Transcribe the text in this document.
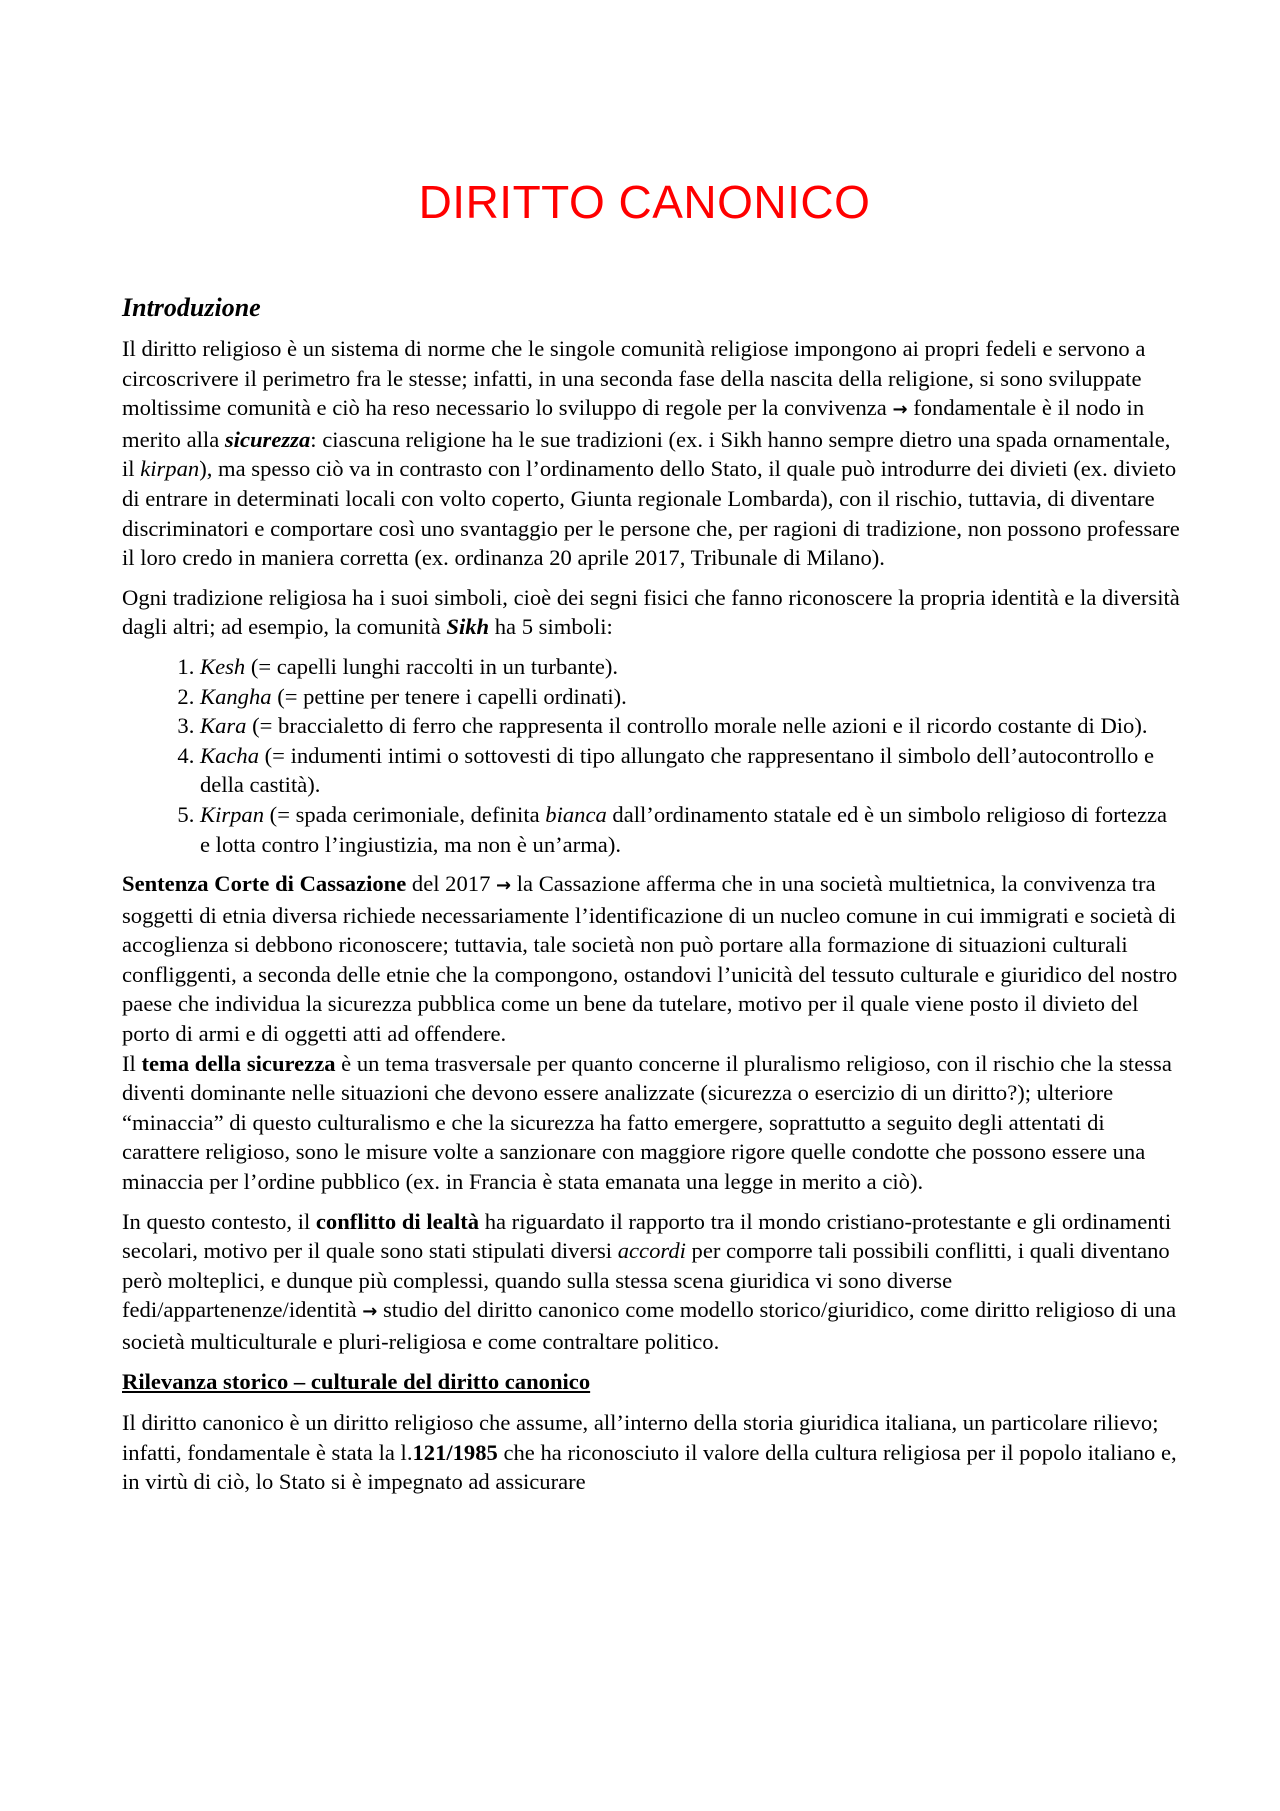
DIRITTO CANONICO
Introduzione

Il diritto religioso è un sistema di norme che le singole comunità religiose impongono ai propri fedeli e servono a circoscrivere il perimetro fra le stesse; infatti, in una seconda fase della nascita della religione, si sono sviluppate moltissime comunità e ciò ha reso necessario lo sviluppo di regole per la convivenza → fondamentale è il nodo in merito alla sicurezza: ciascuna religione ha le sue tradizioni (ex. i Sikh hanno sempre dietro una spada ornamentale, il kirpan), ma spesso ciò va in contrasto con l’ordinamento dello Stato, il quale può introdurre dei divieti (ex. divieto di entrare in determinati locali con volto coperto, Giunta regionale Lombarda), con il rischio, tuttavia, di diventare discriminatori e comportare così uno svantaggio per le persone che, per ragioni di tradizione, non possono professare il loro credo in maniera corretta (ex. ordinanza 20 aprile 2017, Tribunale di Milano).

Ogni tradizione religiosa ha i suoi simboli, cioè dei segni fisici che fanno riconoscere la propria identità e la diversità dagli altri; ad esempio, la comunità Sikh ha 5 simboli:

1. Kesh (= capelli lunghi raccolti in un turbante).
2. Kangha (= pettine per tenere i capelli ordinati).
3. Kara (= braccialetto di ferro che rappresenta il controllo morale nelle azioni e il ricordo costante di Dio).
4. Kacha (= indumenti intimi o sottovesti di tipo allungato che rappresentano il simbolo dell’autocontrollo e della castità).
5. Kirpan (= spada cerimoniale, definita bianca dall’ordinamento statale ed è un simbolo religioso di fortezza e lotta contro l’ingiustizia, ma non è un’arma).

Sentenza Corte di Cassazione del 2017 → la Cassazione afferma che in una società multietnica, la convivenza tra soggetti di etnia diversa richiede necessariamente l’identificazione di un nucleo comune in cui immigrati e società di accoglienza si debbono riconoscere; tuttavia, tale società non può portare alla formazione di situazioni culturali confliggenti, a seconda delle etnie che la compongono, ostandovi l’unicità del tessuto culturale e giuridico del nostro paese che individua la sicurezza pubblica come un bene da tutelare, motivo per il quale viene posto il divieto del porto di armi e di oggetti atti ad offendere.

Il tema della sicurezza è un tema trasversale per quanto concerne il pluralismo religioso, con il rischio che la stessa diventi dominante nelle situazioni che devono essere analizzate (sicurezza o esercizio di un diritto?); ulteriore “minaccia” di questo culturalismo e che la sicurezza ha fatto emergere, soprattutto a seguito degli attentati di carattere religioso, sono le misure volte a sanzionare con maggiore rigore quelle condotte che possono essere una minaccia per l’ordine pubblico (ex. in Francia è stata emanata una legge in merito a ciò).

In questo contesto, il conflitto di lealtà ha riguardato il rapporto tra il mondo cristiano-protestante e gli ordinamenti secolari, motivo per il quale sono stati stipulati diversi accordi per comporre tali possibili conflitti, i quali diventano però molteplici, e dunque più complessi, quando sulla stessa scena giuridica vi sono diverse fedi/appartenenze/identità → studio del diritto canonico come modello storico/giuridico, come diritto religioso di una società multiculturale e pluri-religiosa e come contraltare politico.

Rilevanza storico – culturale del diritto canonico

Il diritto canonico è un diritto religioso che assume, all’interno della storia giuridica italiana, un particolare rilievo; infatti, fondamentale è stata la l.121/1985 che ha riconosciuto il valore della cultura religiosa per il popolo italiano e, in virtù di ciò, lo Stato si è impegnato ad assicurare
